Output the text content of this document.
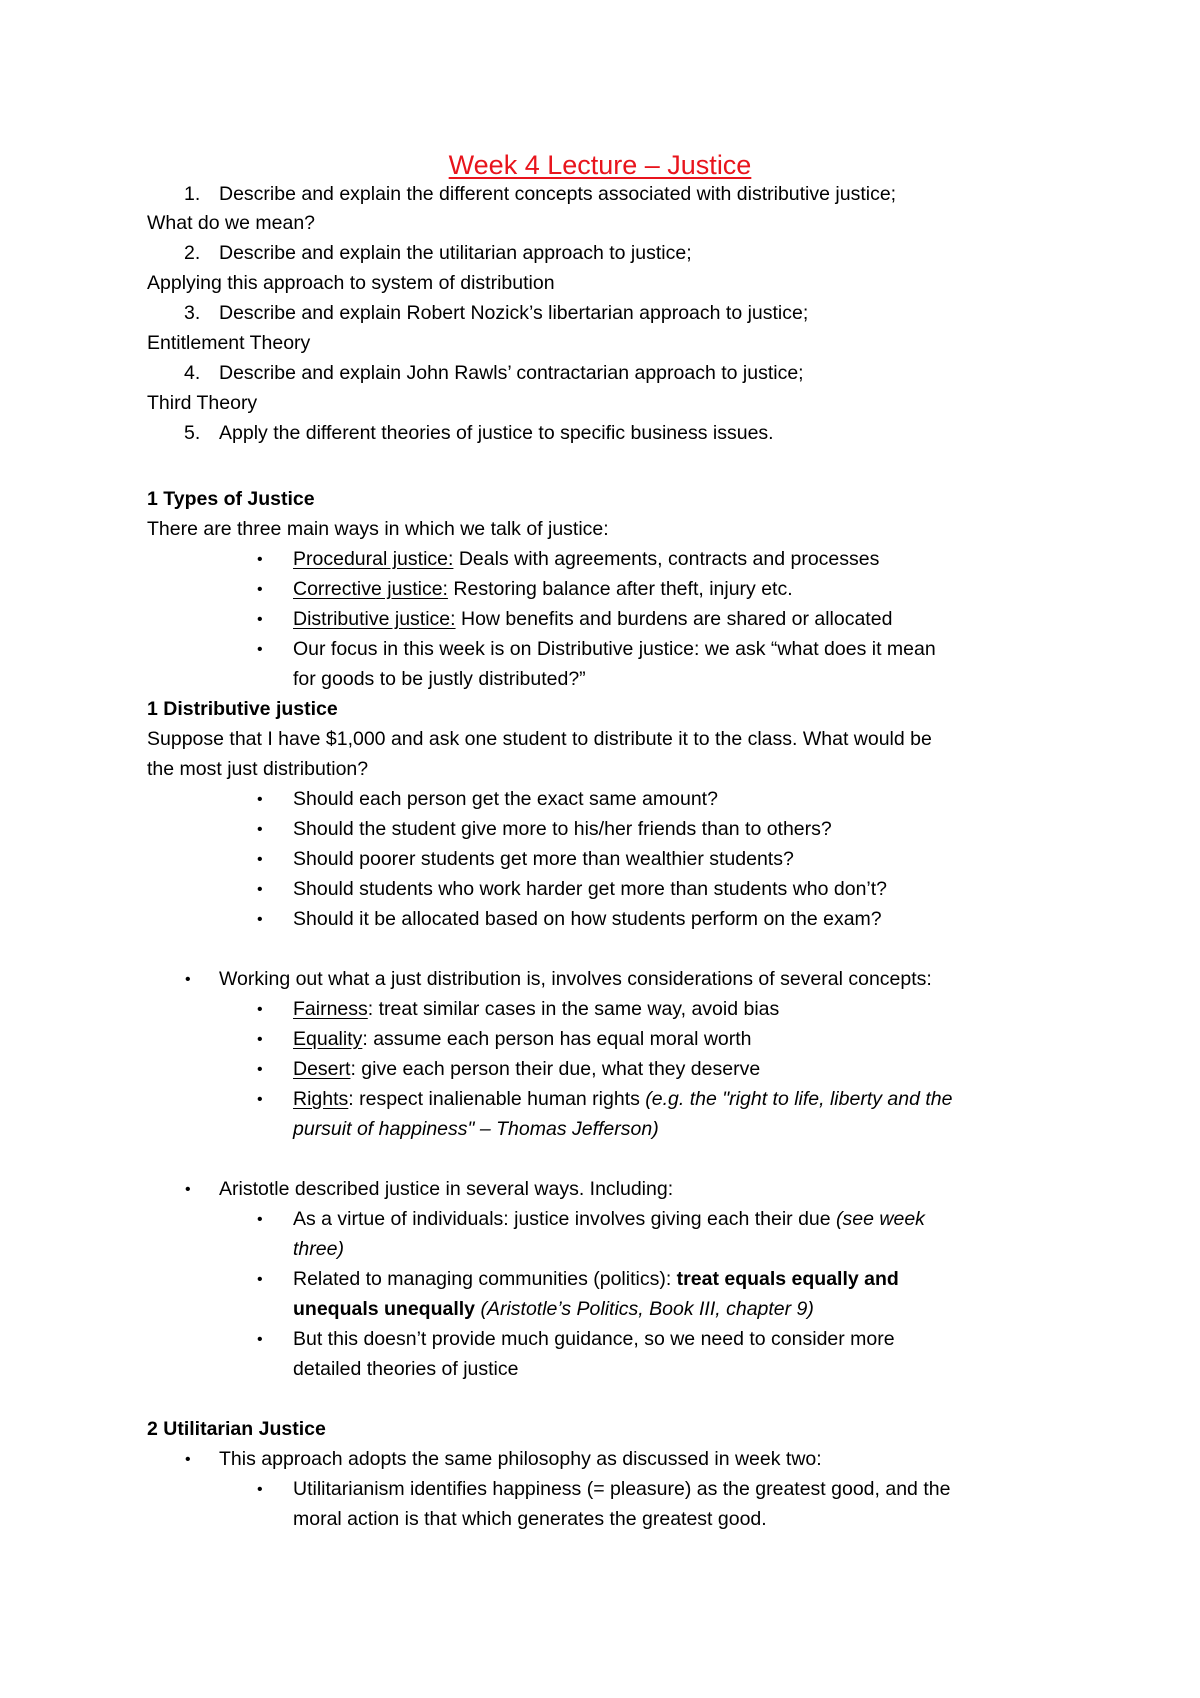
Week 4 Lecture – Justice
1. Describe and explain the different concepts associated with distributive justice;
What do we mean?
2. Describe and explain the utilitarian approach to justice;
Applying this approach to system of distribution
3. Describe and explain Robert Nozick’s libertarian approach to justice;
Entitlement Theory
4. Describe and explain John Rawls’ contractarian approach to justice;
Third Theory
5. Apply the different theories of justice to specific business issues.
1 Types of Justice
There are three main ways in which we talk of justice:
• Procedural justice: Deals with agreements, contracts and processes
• Corrective justice: Restoring balance after theft, injury etc.
• Distributive justice: How benefits and burdens are shared or allocated
• Our focus in this week is on Distributive justice: we ask “what does it mean
for goods to be justly distributed?”
1 Distributive justice
Suppose that I have $1,000 and ask one student to distribute it to the class. What would be
the most just distribution?
• Should each person get the exact same amount?
• Should the student give more to his/her friends than to others?
• Should poorer students get more than wealthier students?
• Should students who work harder get more than students who don’t?
• Should it be allocated based on how students perform on the exam?
• Working out what a just distribution is, involves considerations of several concepts:
• Fairness: treat similar cases in the same way, avoid bias
• Equality: assume each person has equal moral worth
• Desert: give each person their due, what they deserve
• Rights: respect inalienable human rights (e.g. the "right to life, liberty and the
pursuit of happiness" – Thomas Jefferson)
• Aristotle described justice in several ways. Including:
• As a virtue of individuals: justice involves giving each their due (see week
three)
• Related to managing communities (politics): treat equals equally and
unequals unequally (Aristotle’s Politics, Book III, chapter 9)
• But this doesn’t provide much guidance, so we need to consider more
detailed theories of justice
2 Utilitarian Justice
• This approach adopts the same philosophy as discussed in week two:
• Utilitarianism identifies happiness (= pleasure) as the greatest good, and the
moral action is that which generates the greatest good.
